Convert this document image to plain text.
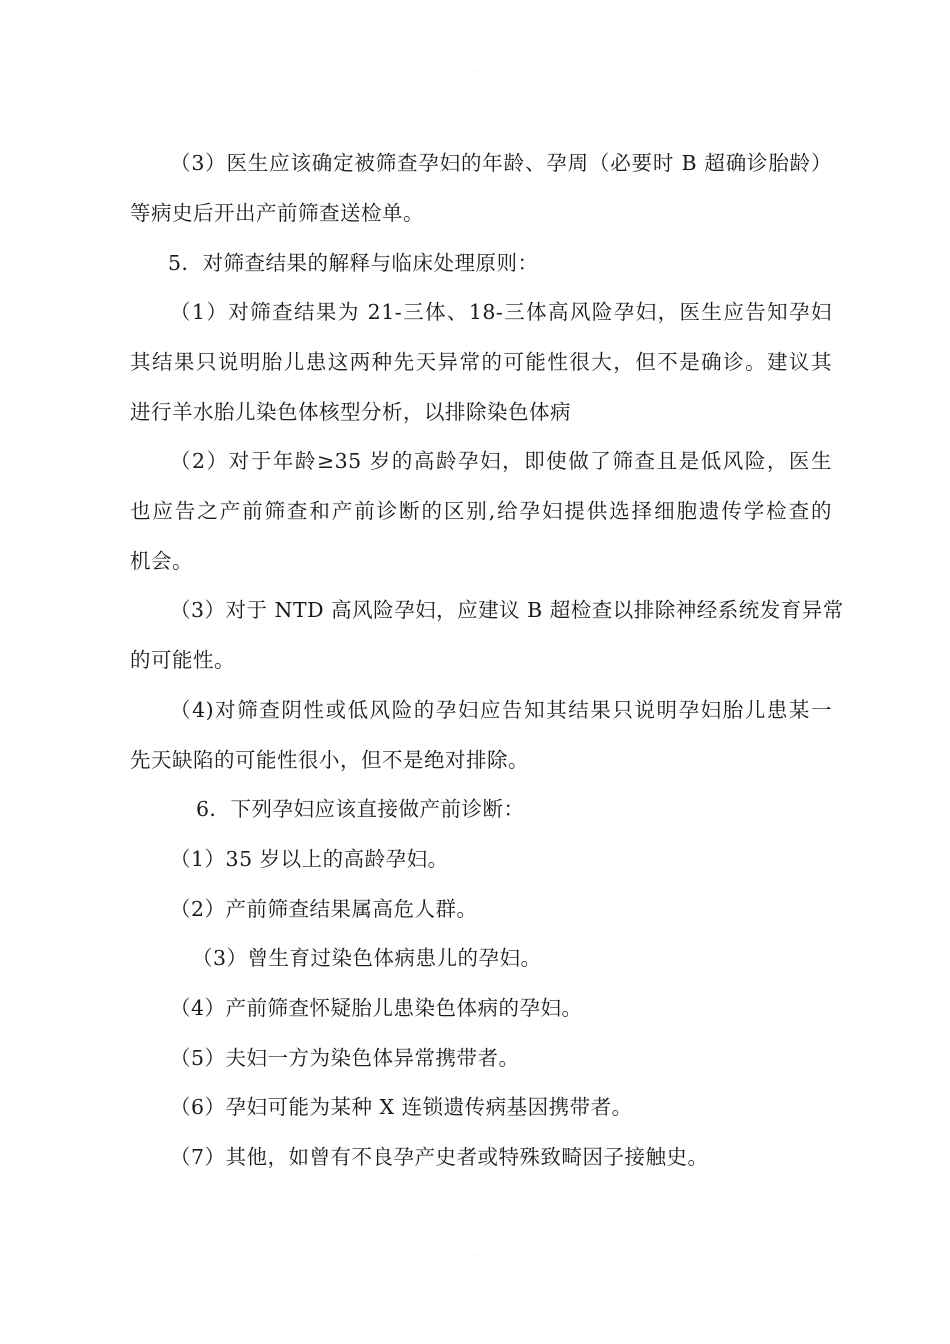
· · ·
（3）医生应该确定被筛查孕妇的年龄、孕周（必要时 B 超确诊胎龄）
等病史后开出产前筛查送检单。
5．对筛查结果的解释与临床处理原则：
（1）对筛查结果为 21-三体、18-三体高风险孕妇，医生应告知孕妇
其结果只说明胎儿患这两种先天异常的可能性很大，但不是确诊。建议其
进行羊水胎儿染色体核型分析，以排除染色体病
（2）对于年龄≥35 岁的高龄孕妇，即使做了筛查且是低风险，医生
也应告之产前筛查和产前诊断的区别,给孕妇提供选择细胞遗传学检查的
机会。
（3）对于 NTD 高风险孕妇，应建议 B 超检查以排除神经系统发育异常
的可能性。
（4)对筛查阴性或低风险的孕妇应告知其结果只说明孕妇胎儿患某一
先天缺陷的可能性很小，但不是绝对排除。
6．下列孕妇应该直接做产前诊断：
（1）35 岁以上的高龄孕妇。
（2）产前筛查结果属高危人群。
（3）曾生育过染色体病患儿的孕妇。
（4）产前筛查怀疑胎儿患染色体病的孕妇。
（5）夫妇一方为染色体异常携带者。
（6）孕妇可能为某种 X 连锁遗传病基因携带者。
（7）其他，如曾有不良孕产史者或特殊致畸因子接触史。
· ·
